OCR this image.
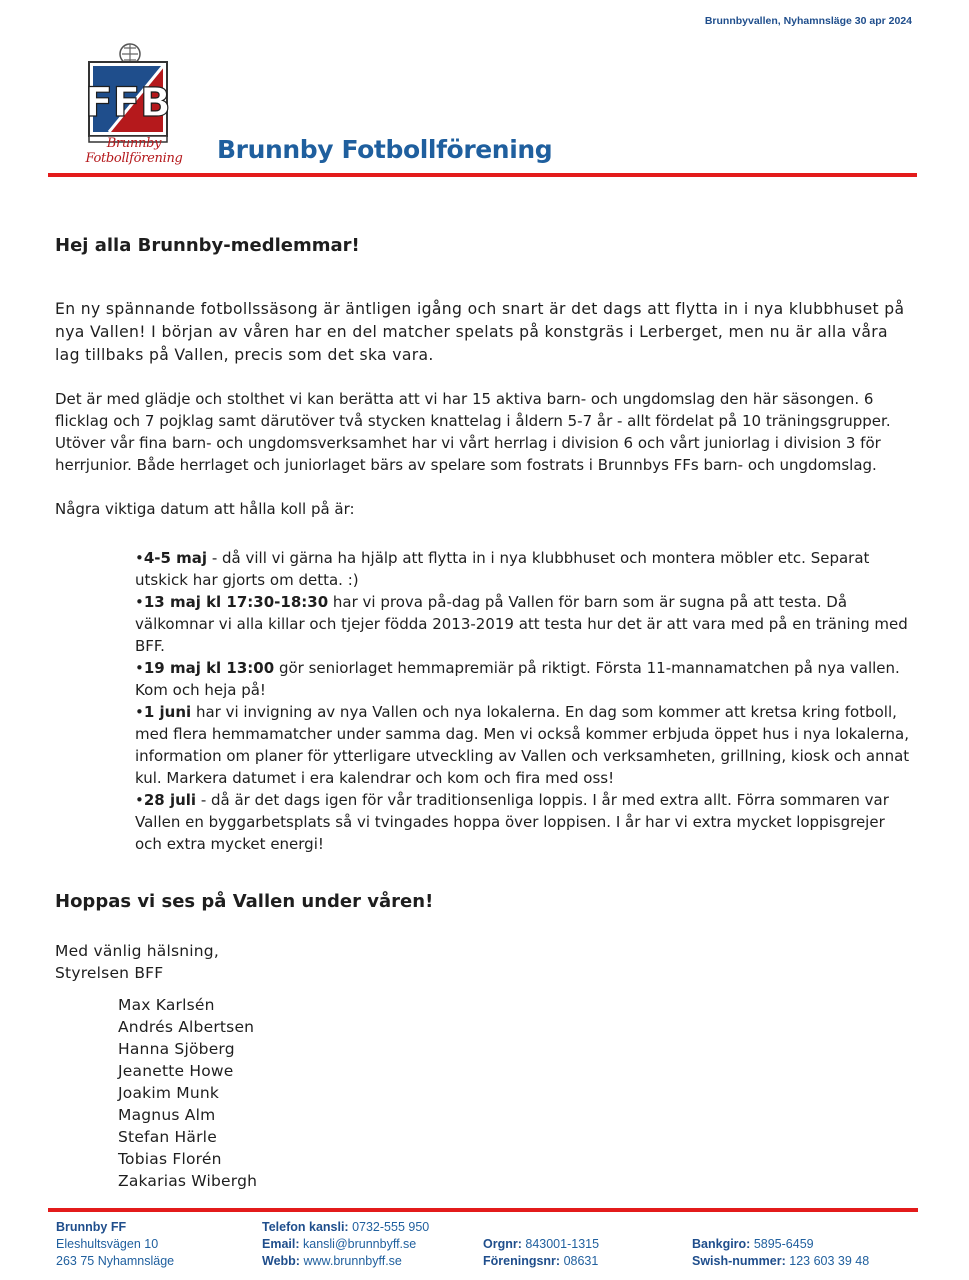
Brunnbyvallen, Nyhamnsläge 30 apr 2024
FFB
Brunnby Fotbollförening	Brunnby Fotbollförening
Hej alla Brunnby-medlemmar!

En ny spännande fotbollssäsong är äntligen igång och snart är det dags att flytta in i nya klubbhuset på nya Vallen! I början av våren har en del matcher spelats på konstgräs i Lerberget, men nu är alla våra lag tillbaks på Vallen, precis som det ska vara.

Det är med glädje och stolthet vi kan berätta att vi har 15 aktiva barn- och ungdomslag den här säsongen. 6 flicklag och 7 pojklag samt därutöver två stycken knattelag i åldern 5-7 år - allt fördelat på 10 träningsgrupper.

Utöver vår fina barn- och ungdomsverksamhet har vi vårt herrlag i division 6 och vårt juniorlag i division 3 för herrjunior. Både herrlaget och juniorlaget bärs av spelare som fostrats i Brunnbys FFs barn- och ungdomslag.

Några viktiga datum att hålla koll på är:

•4-5 maj - då vill vi gärna ha hjälp att flytta in i nya klubbhuset och montera möbler etc. Separat utskick har gjorts om detta. :)

•13 maj kl 17:30-18:30 har vi prova på-dag på Vallen för barn som är sugna på att testa. Då välkomnar vi alla killar och tjejer födda 2013-2019 att testa hur det är att vara med på en träning med BFF.

•19 maj kl 13:00 gör seniorlaget hemmapremiär på riktigt. Första 11-mannamatchen på nya vallen. Kom och heja på!

•1 juni har vi invigning av nya Vallen och nya lokalerna. En dag som kommer att kretsa kring fotboll, med flera hemmamatcher under samma dag. Men vi också kommer erbjuda öppet hus i nya lokalerna, information om planer för ytterligare utveckling av Vallen och verksamheten, grillning, kiosk och annat kul. Markera datumet i era kalendrar och kom och fira med oss!

•28 juli - då är det dags igen för vår traditionsenliga loppis. I år med extra allt. Förra sommaren var Vallen en byggarbetsplats så vi tvingades hoppa över loppisen. I år har vi extra mycket loppisgrejer och extra mycket energi!

Hoppas vi ses på Vallen under våren!

Med vänlig hälsning,

Styrelsen BFF

Max Karlsén

Andrés Albertsen

Hanna Sjöberg

Jeanette Howe

Joakim Munk

Magnus Alm

Stefan Härle

Tobias Florén

Zakarias Wibergh

Brunnby FF
Eleshultsvägen 10
263 75 Nyhamnsläge
Telefon kansli: 0732-555 950
Email: kansli@brunnbyff.se
Webb: www.brunnbyff.se
Orgnr: 843001-1315
Föreningsnr: 08631
Bankgiro: 5895-6459
Swish-nummer: 123 603 39 48
